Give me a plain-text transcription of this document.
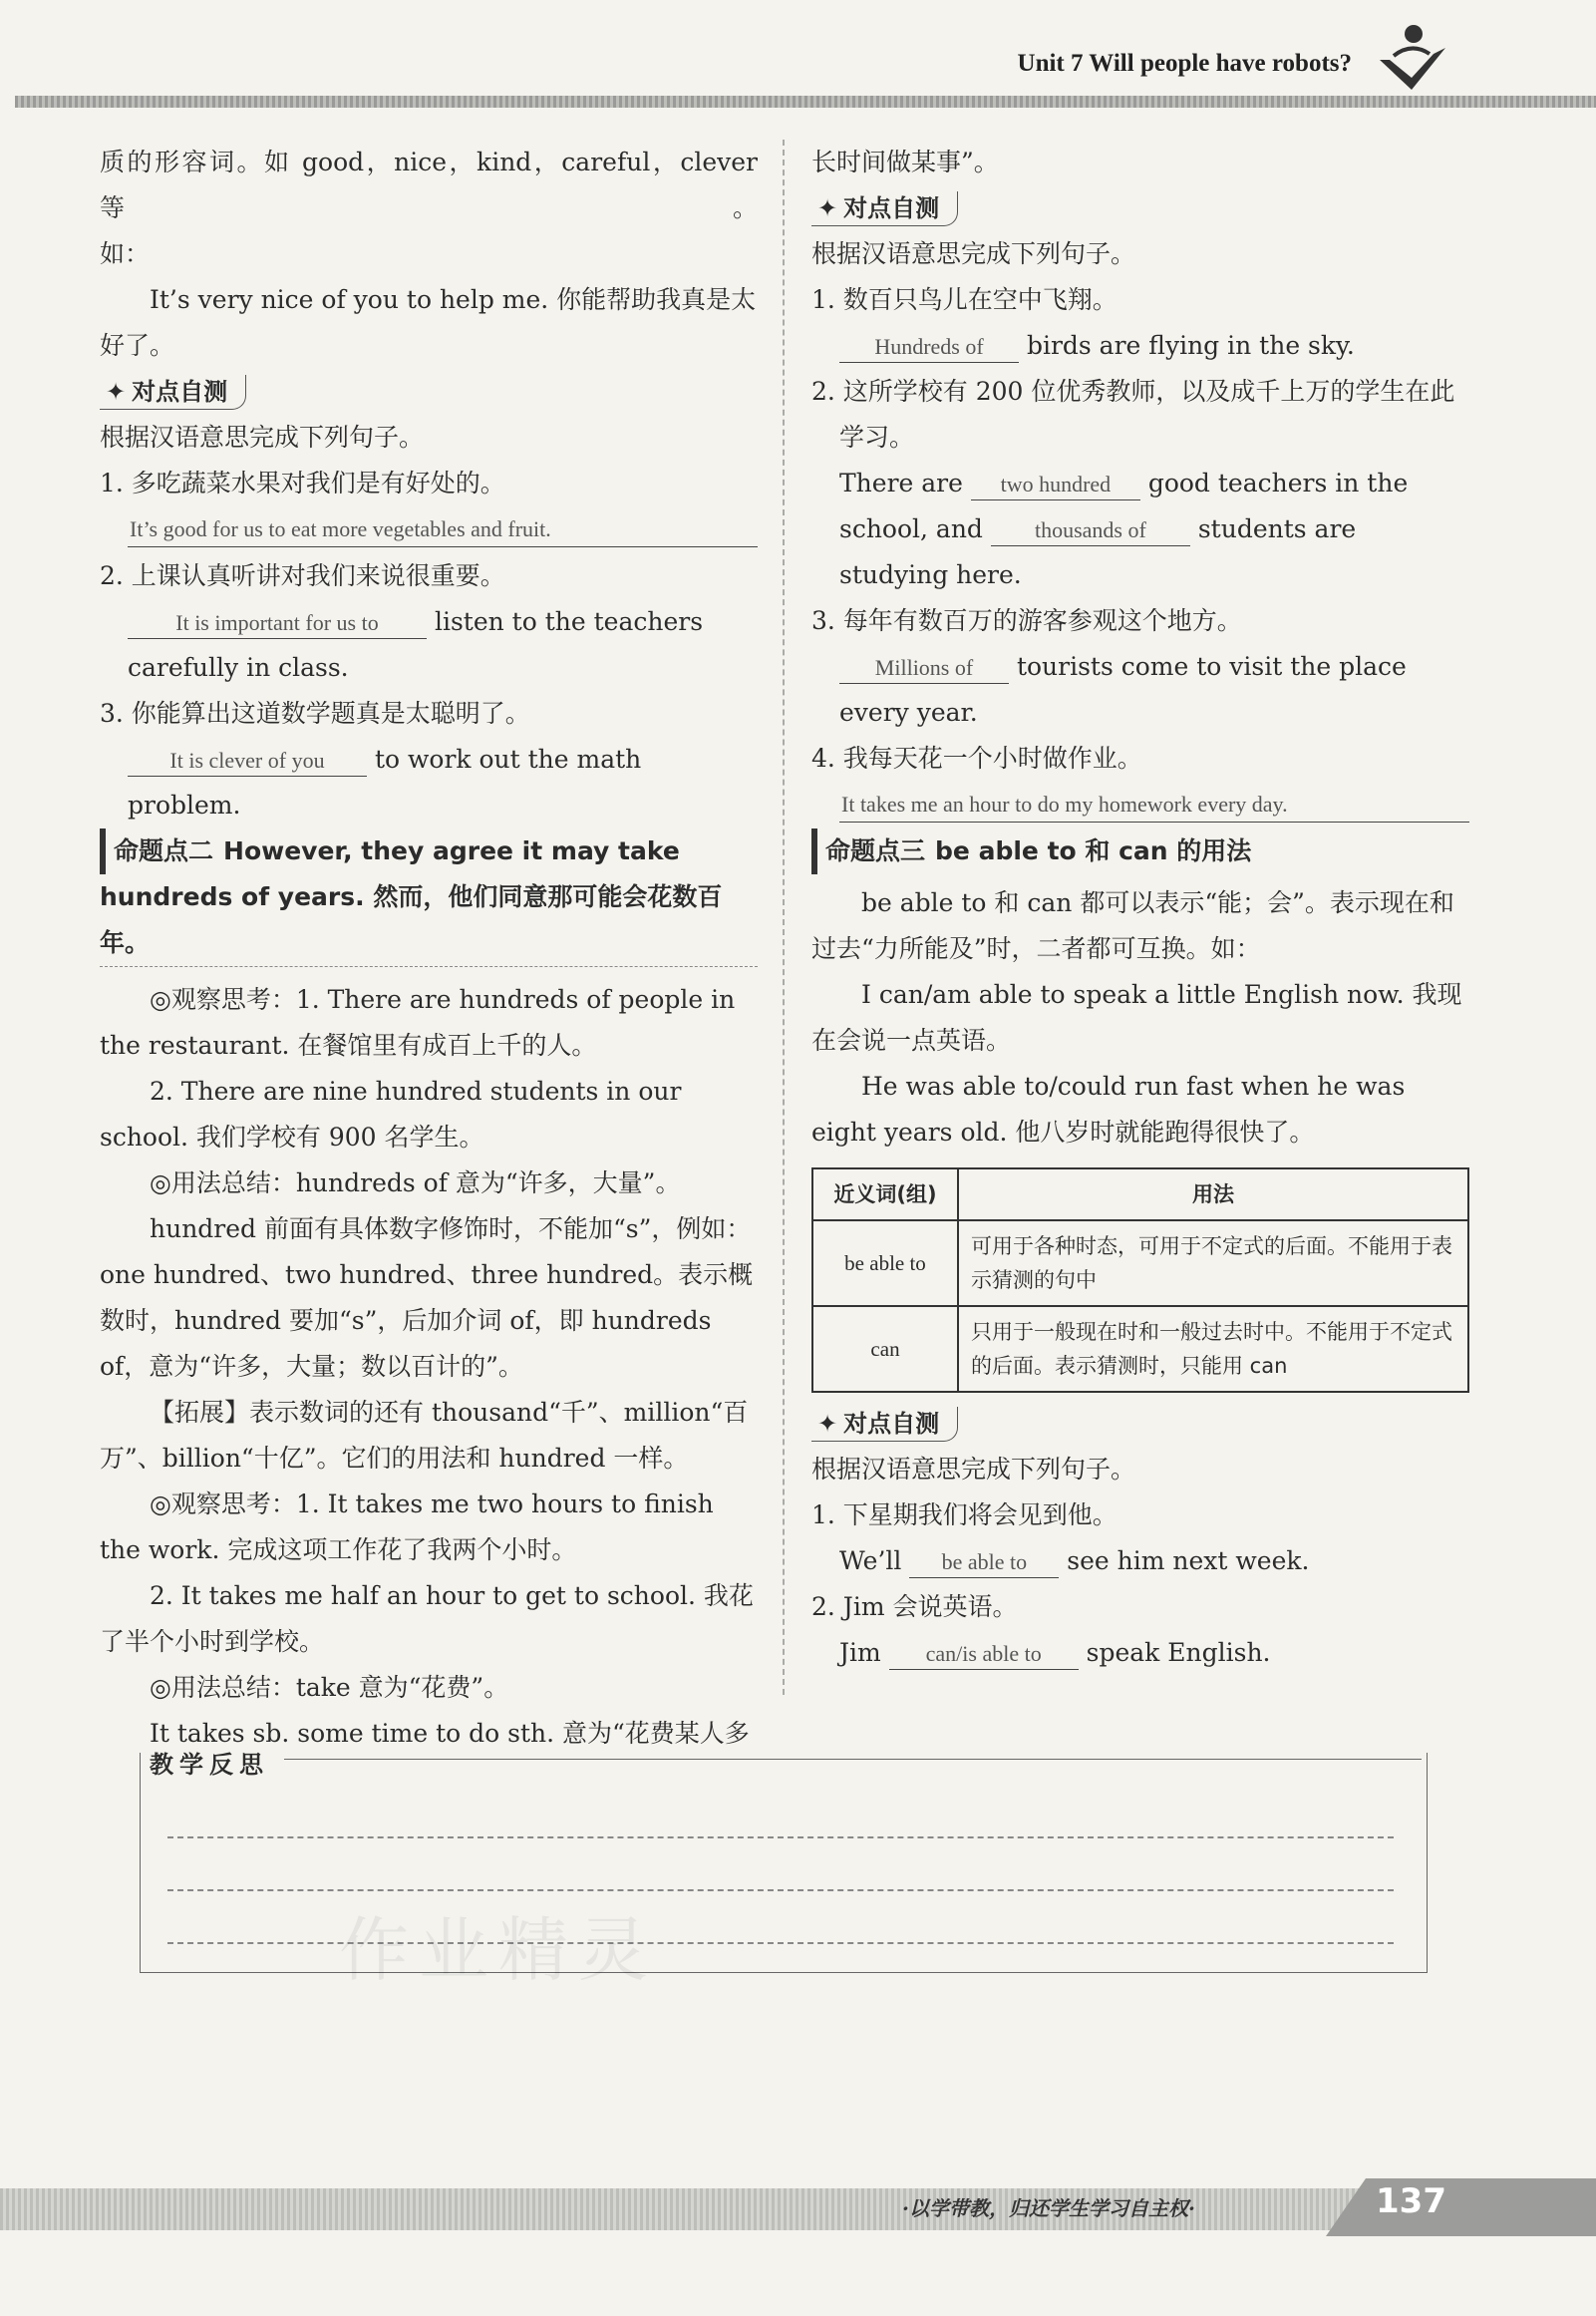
Unit 7 Will people have robots?

质的形容词。如 good，nice，kind，careful，clever 等。

如：

It’s very nice of you to help me. 你能帮助我真是太好了。

✦ 对点自测

根据汉语意思完成下列句子。

1. 多吃蔬菜水果对我们是有好处的。

It’s good for us to eat more vegetables and fruit.

2. 上课认真听讲对我们来说很重要。

It is important for us to listen to the teachers carefully in class.

3. 你能算出这道数学题真是太聪明了。

It is clever of you to work out the math problem.

命题点二 However, they agree it may take hundreds of years. 然而，他们同意那可能会花数百年。

◎观察思考：1. There are hundreds of people in the restaurant. 在餐馆里有成百上千的人。

2. There are nine hundred students in our school. 我们学校有 900 名学生。

◎用法总结：hundreds of 意为“许多，大量”。

hundred 前面有具体数字修饰时，不能加“s”，例如：one hundred、two hundred、three hundred。表示概数时，hundred 要加“s”，后加介词 of，即 hundreds of，意为“许多，大量；数以百计的”。

【拓展】表示数词的还有 thousand“千”、million“百万”、billion“十亿”。它们的用法和 hundred 一样。

◎观察思考：1. It takes me two hours to finish the work. 完成这项工作花了我两个小时。

2. It takes me half an hour to get to school. 我花了半个小时到学校。

◎用法总结：take 意为“花费”。

It takes sb. some time to do sth. 意为“花费某人多

长时间做某事”。

✦ 对点自测

根据汉语意思完成下列句子。

1. 数百只鸟儿在空中飞翔。

Hundreds of birds are flying in the sky.

2. 这所学校有 200 位优秀教师，以及成千上万的学生在此学习。

There are two hundred good teachers in the school, and thousands of students are studying here.

3. 每年有数百万的游客参观这个地方。

Millions of tourists come to visit the place every year.

4. 我每天花一个小时做作业。

It takes me an hour to do my homework every day.
命题点三 be able to 和 can 的用法

be able to 和 can 都可以表示“能；会”。表示现在和过去“力所能及”时，二者都可互换。如：

I can/am able to speak a little English now. 我现在会说一点英语。

He was able to/could run fast when he was eight years old. 他八岁时就能跑得很快了。

近义词(组)	用法
be able to	可用于各种时态，可用于不定式的后面。不能用于表示猜测的句中
can	只用于一般现在时和一般过去时中。不能用于不定式的后面。表示猜测时，只能用 can
✦ 对点自测

根据汉语意思完成下列句子。

1. 下星期我们将会见到他。

We’ll be able to see him next week.

2. Jim 会说英语。

Jim can/is able to speak English.

教学反思
作业精灵
·以学带教，归还学生学习自主权·	137
